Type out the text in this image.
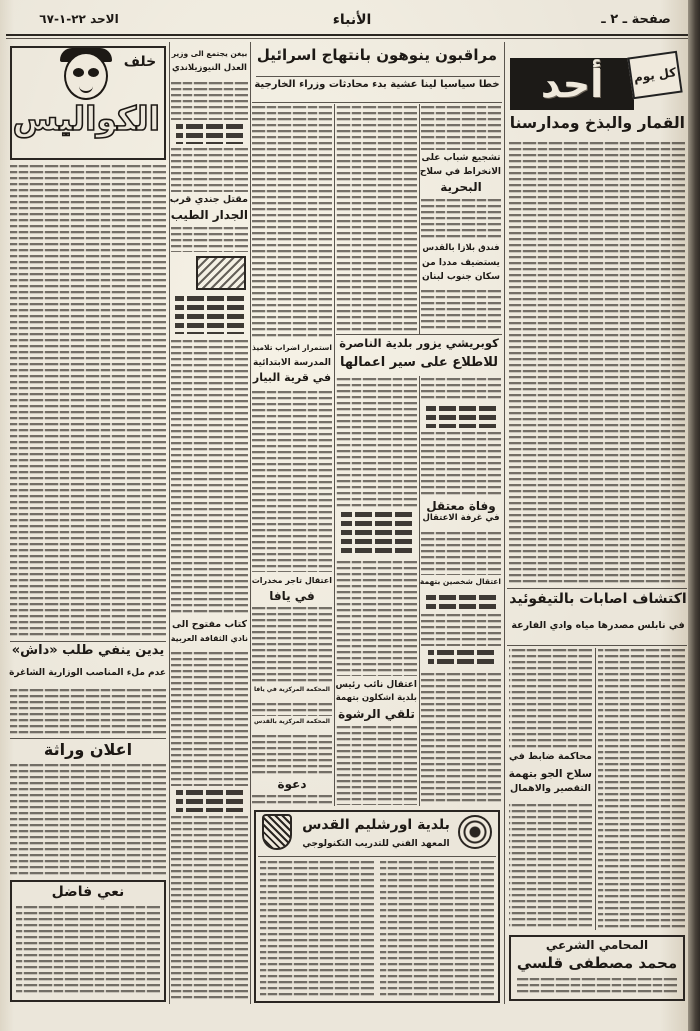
صفحة ـ ٢ ـ
الأنباء
الاحد ٢٢-١-٦٧
مراقبون ينوهون بانتهاج اسرائيل
خطا سياسيا لينا عشية بدء محادثات وزراء الخارجية	أحد	كل يوم
القمار والبذخ ومدارسنا
اكتشاف اصابات بالتيفوئيد
في نابلس مصدرها مياه وادي الفارعة
محاكمة ضابط في
سلاح الجو بتهمة
التقصير والاهمال
المحامي الشرعي
محمد مصطفى قلسي
تشجيع شباب على
الانخراط في سلاح
البحرية
فندق بلازا بالقدس
يستضيف مددا من
سكان جنوب لبنان
كوبريشي يزور بلدية الناصرة
للاطلاع على سير اعمالها
وفاة معتقل
في غرفة الاعتقال
اعتقال شخصين بتهمة
اعتقال نائب رئيس
بلدية اشكلون بتهمة
تلقي الرشوة
استمرار اضراب تلاميذ
المدرسة الابتدائية
في قرية البيار
اعتقال تاجر مخدرات
في يافا
المحكمة المركزية في يافا
المحكمة المركزية بالقدس
دعوة
بلدية اورشليم القدس
المعهد الفني للتدريب التكنولوجي
بيغن يجتمع الى وزير
العدل النيوزيلاندي
مقتل جندي قرب
الجدار الطيب
كتاب مفتوح الى
نادي الثقافة العربية
خلف
الكواليس
يدين ينفي طلب «داش»
عدم ملء المناصب الوزارية الشاغرة
اعلان وراثة
نعي فاضل
